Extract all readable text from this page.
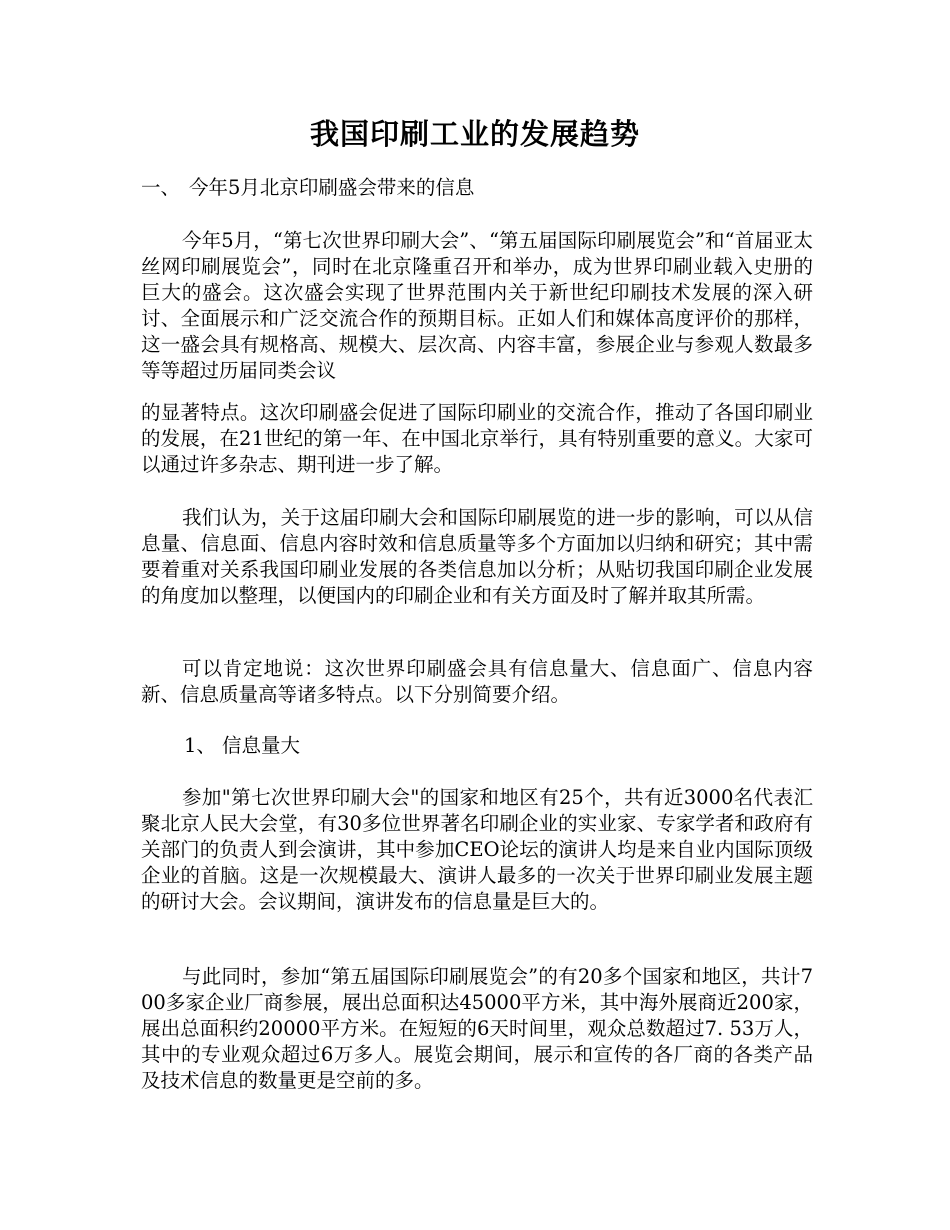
我国印刷工业的发展趋势
一、 今年5月北京印刷盛会带来的信息

今年5月，“第七次世界印刷大会”、“第五届国际印刷展览会”和“首届亚太丝网印刷展览会”，同时在北京隆重召开和举办，成为世界印刷业载入史册的巨大的盛会。这次盛会实现了世界范围内关于新世纪印刷技术发展的深入研讨、全面展示和广泛交流合作的预期目标。正如人们和媒体高度评价的那样，这一盛会具有规格高、规模大、层次高、内容丰富，参展企业与参观人数最多等等超过历届同类会议

的显著特点。这次印刷盛会促进了国际印刷业的交流合作，推动了各国印刷业的发展，在21世纪的第一年、在中国北京举行，具有特别重要的意义。大家可以通过许多杂志、期刊进一步了解。

我们认为，关于这届印刷大会和国际印刷展览的进一步的影响，可以从信息量、信息面、信息内容时效和信息质量等多个方面加以归纳和研究；其中需要着重对关系我国印刷业发展的各类信息加以分析；从贴切我国印刷企业发展的角度加以整理，以便国内的印刷企业和有关方面及时了解并取其所需。

可以肯定地说：这次世界印刷盛会具有信息量大、信息面广、信息内容新、信息质量高等诸多特点。以下分别简要介绍。

1、 信息量大

参加"第七次世界印刷大会"的国家和地区有25个，共有近3000名代表汇聚北京人民大会堂，有30多位世界著名印刷企业的实业家、专家学者和政府有关部门的负责人到会演讲，其中参加CEO论坛的演讲人均是来自业内国际顶级企业的首脑。这是一次规模最大、演讲人最多的一次关于世界印刷业发展主题的研讨大会。会议期间，演讲发布的信息量是巨大的。

与此同时，参加“第五届国际印刷展览会”的有20多个国家和地区，共计700多家企业厂商参展，展出总面积达45000平方米，其中海外展商近200家，展出总面积约20000平方米。在短短的6天时间里，观众总数超过7. 53万人，其中的专业观众超过6万多人。展览会期间，展示和宣传的各厂商的各类产品及技术信息的数量更是空前的多。
